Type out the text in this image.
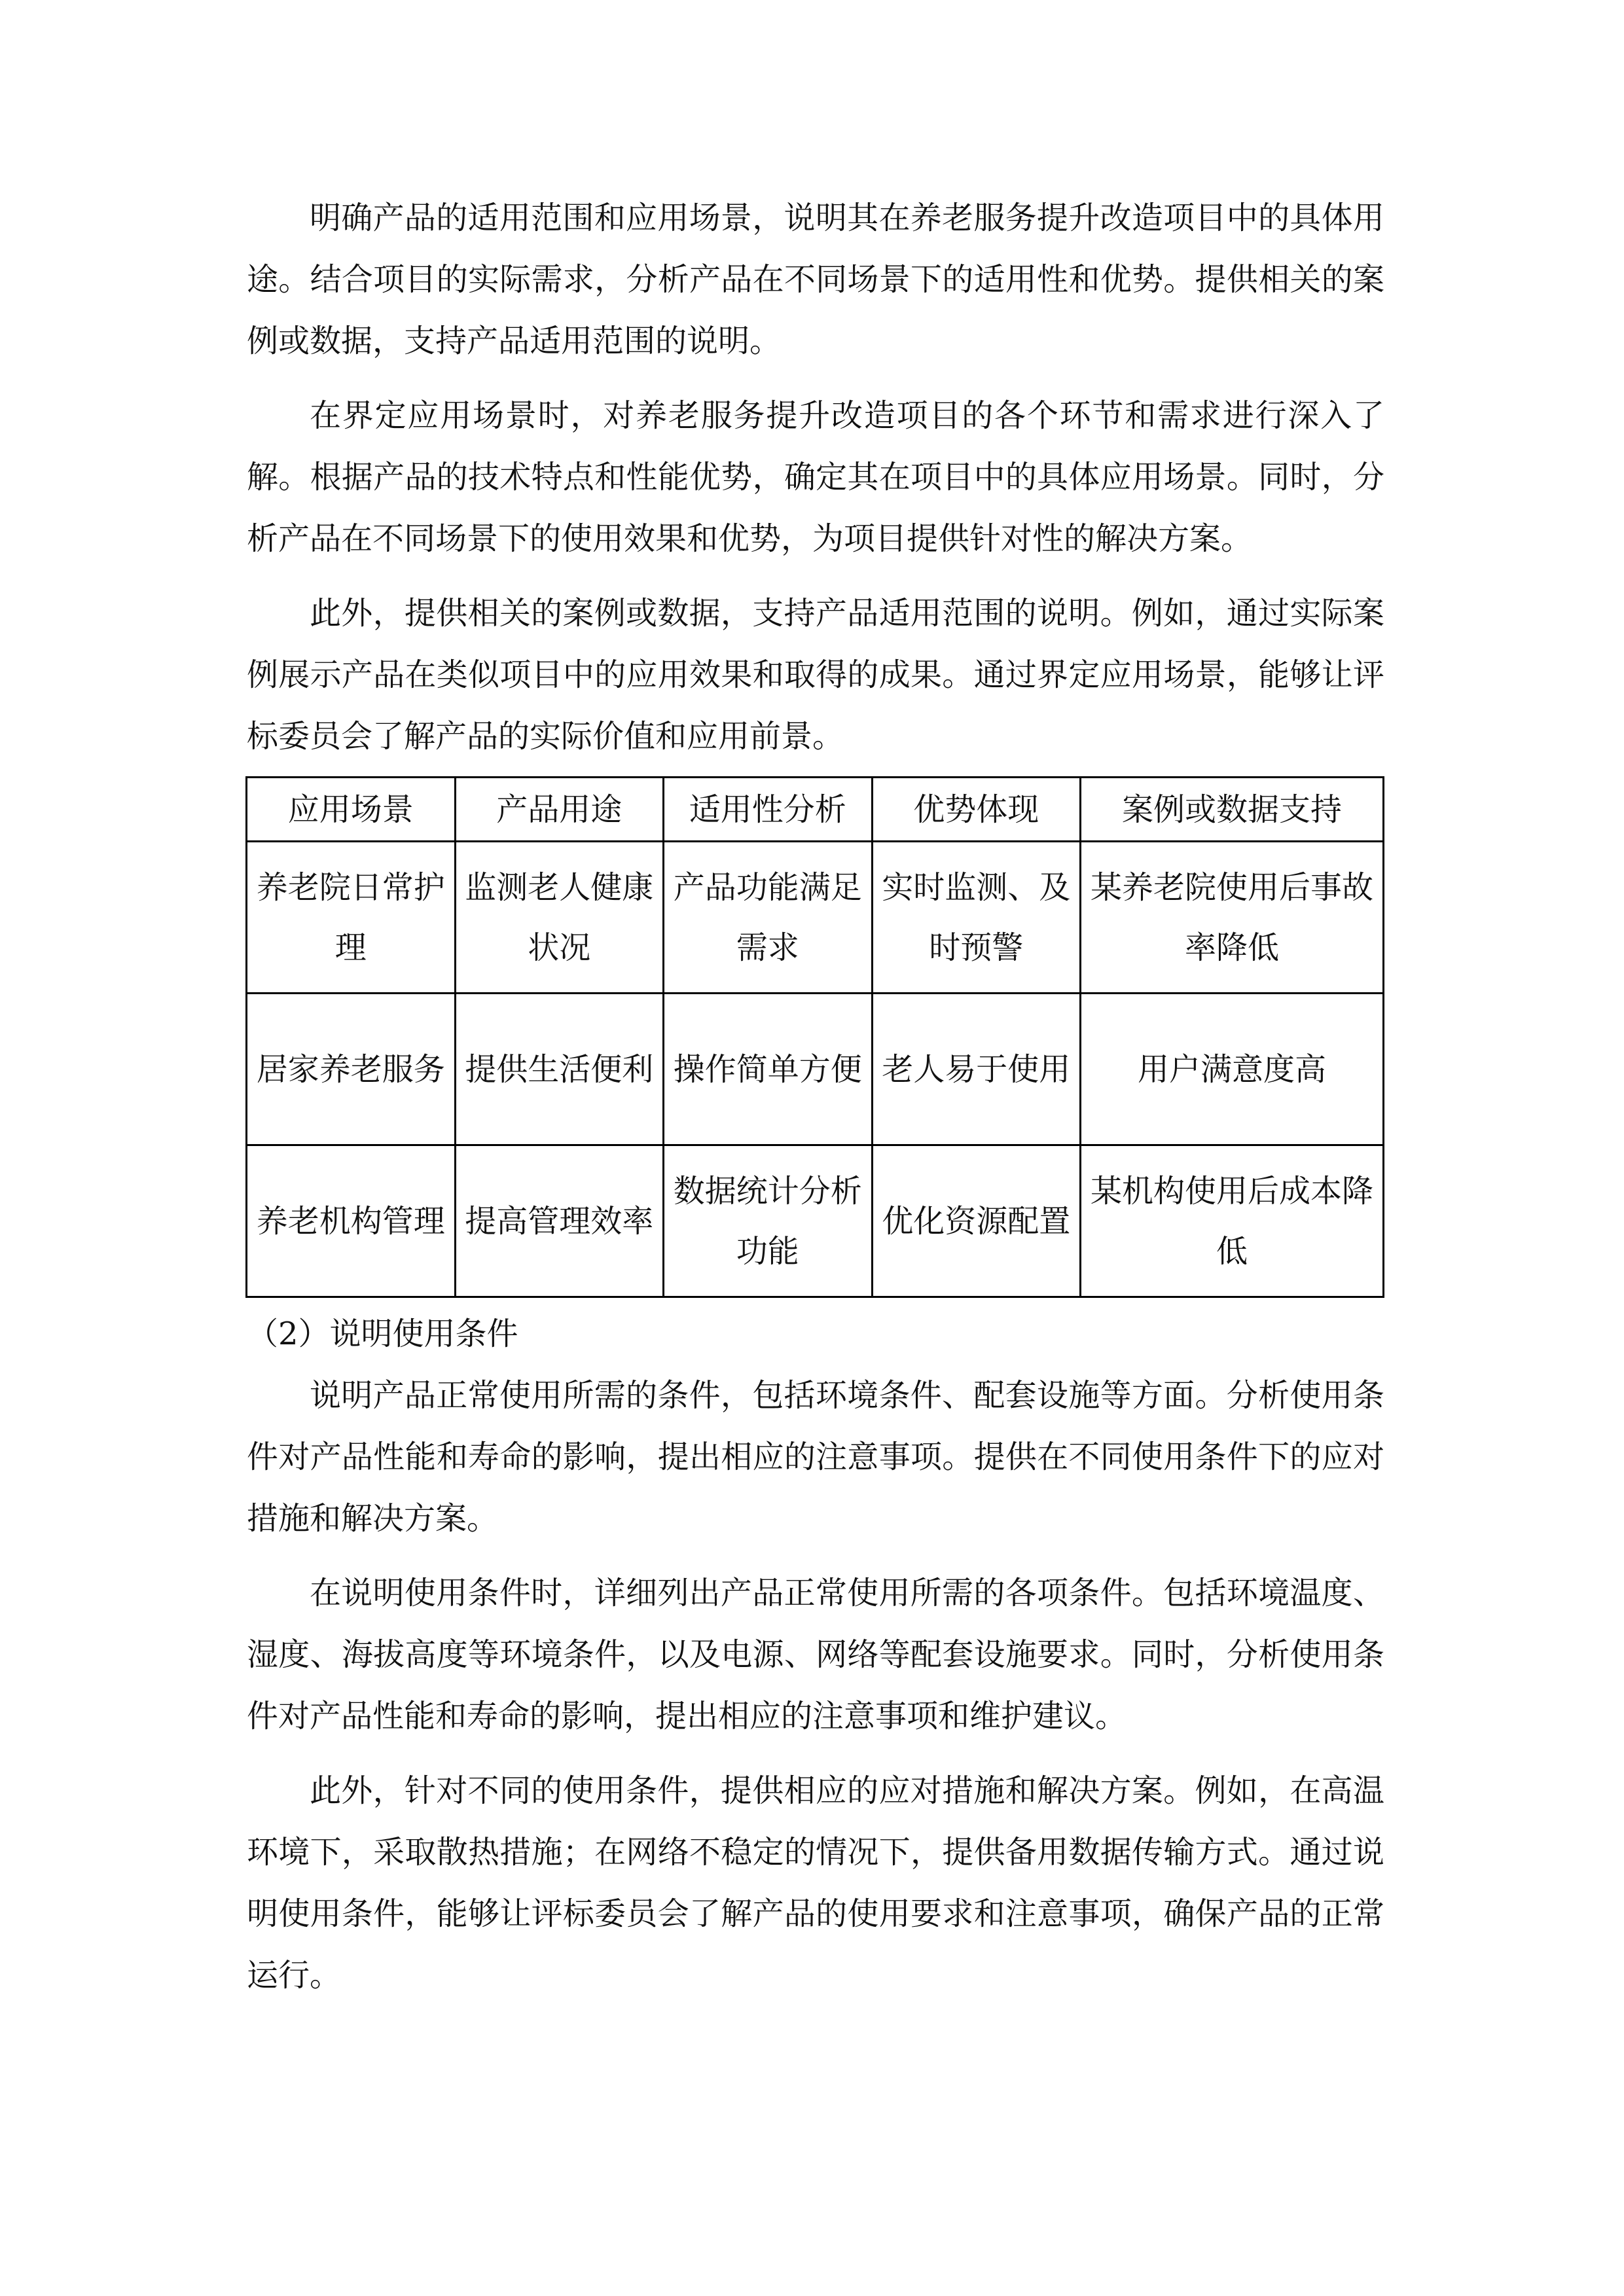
明确产品的适用范围和应用场景，说明其在养老服务提升改造项目中的具体用途。结合项目的实际需求，分析产品在不同场景下的适用性和优势。提供相关的案例或数据，支持产品适用范围的说明。

在界定应用场景时，对养老服务提升改造项目的各个环节和需求进行深入了解。根据产品的技术特点和性能优势，确定其在项目中的具体应用场景。同时，分析产品在不同场景下的使用效果和优势，为项目提供针对性的解决方案。

此外，提供相关的案例或数据，支持产品适用范围的说明。例如，通过实际案例展示产品在类似项目中的应用效果和取得的成果。通过界定应用场景，能够让评标委员会了解产品的实际价值和应用前景。

应用场景	产品用途	适用性分析	优势体现	案例或数据支持
养老院日常护理	监测老人健康状况	产品功能满足需求	实时监测、及时预警	某养老院使用后事故率降低
居家养老服务	提供生活便利	操作简单方便	老人易于使用	用户满意度高
养老机构管理	提高管理效率	数据统计分析功能	优化资源配置	某机构使用后成本降低
（2）说明使用条件

说明产品正常使用所需的条件，包括环境条件、配套设施等方面。分析使用条件对产品性能和寿命的影响，提出相应的注意事项。提供在不同使用条件下的应对措施和解决方案。

在说明使用条件时，详细列出产品正常使用所需的各项条件。包括环境温度、湿度、海拔高度等环境条件，以及电源、网络等配套设施要求。同时，分析使用条件对产品性能和寿命的影响，提出相应的注意事项和维护建议。

此外，针对不同的使用条件，提供相应的应对措施和解决方案。例如，在高温环境下，采取散热措施；在网络不稳定的情况下，提供备用数据传输方式。通过说明使用条件，能够让评标委员会了解产品的使用要求和注意事项，确保产品的正常运行。
